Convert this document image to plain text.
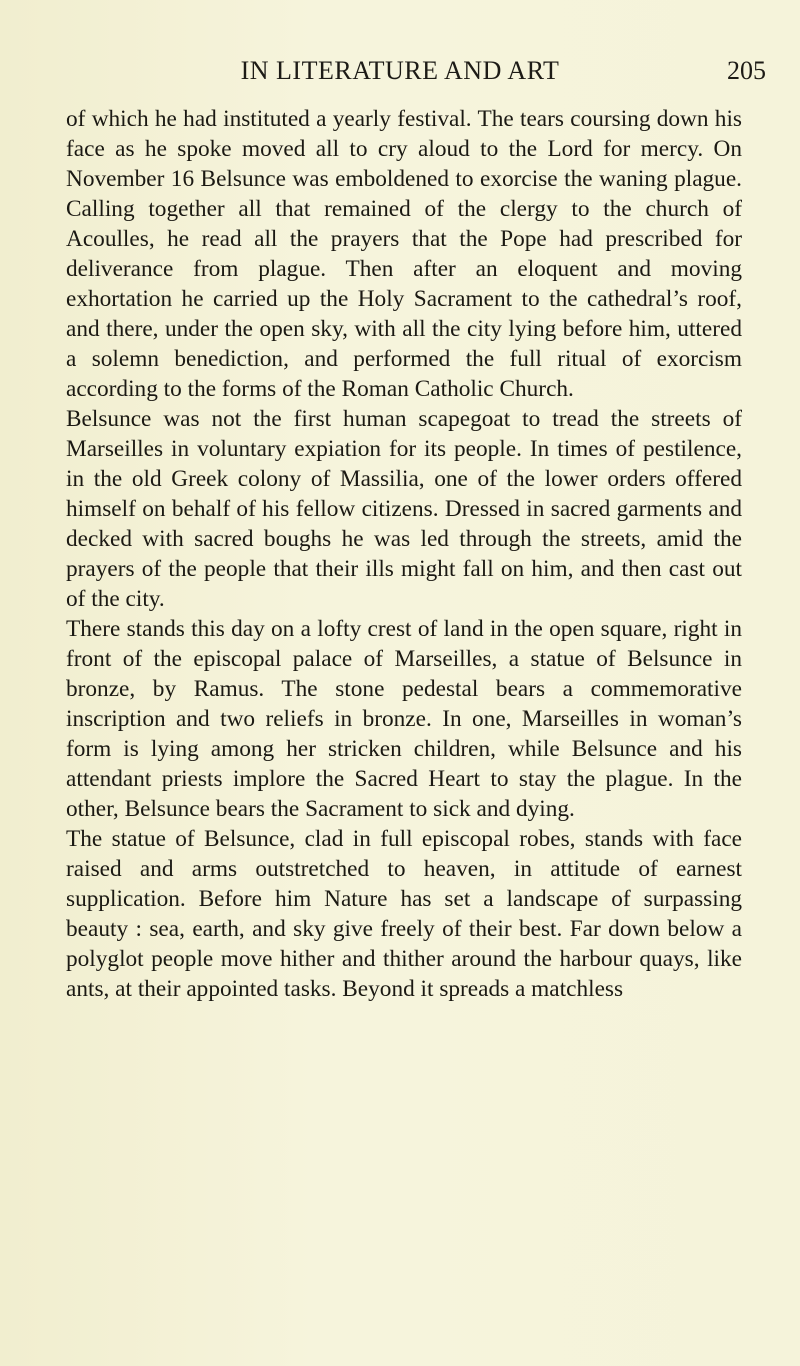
IN LITERATURE AND ART	205

of which he had instituted a yearly festival. The tears coursing down his face as he spoke moved all to cry aloud to the Lord for mercy. On November 16 Belsunce was emboldened to exorcise the waning plague. Calling together all that remained of the clergy to the church of Acoulles, he read all the prayers that the Pope had prescribed for deliverance from plague. Then after an eloquent and moving exhortation he carried up the Holy Sacrament to the cathedral’s roof, and there, under the open sky, with all the city lying before him, uttered a solemn benediction, and performed the full ritual of exorcism according to the forms of the Roman Catholic Church.

Belsunce was not the first human scapegoat to tread the streets of Marseilles in voluntary expiation for its people. In times of pestilence, in the old Greek colony of Massilia, one of the lower orders offered himself on behalf of his fellow citizens. Dressed in sacred garments and decked with sacred boughs he was led through the streets, amid the prayers of the people that their ills might fall on him, and then cast out of the city.

There stands this day on a lofty crest of land in the open square, right in front of the episcopal palace of Marseilles, a statue of Belsunce in bronze, by Ramus. The stone pedestal bears a commemorative inscription and two reliefs in bronze. In one, Marseilles in woman’s form is lying among her stricken children, while Belsunce and his attendant priests implore the Sacred Heart to stay the plague. In the other, Belsunce bears the Sacrament to sick and dying.

The statue of Belsunce, clad in full episcopal robes, stands with face raised and arms outstretched to heaven, in attitude of earnest supplication. Before him Nature has set a landscape of surpassing beauty : sea, earth, and sky give freely of their best. Far down below a polyglot people move hither and thither around the harbour quays, like ants, at their appointed tasks. Beyond it spreads a matchless
